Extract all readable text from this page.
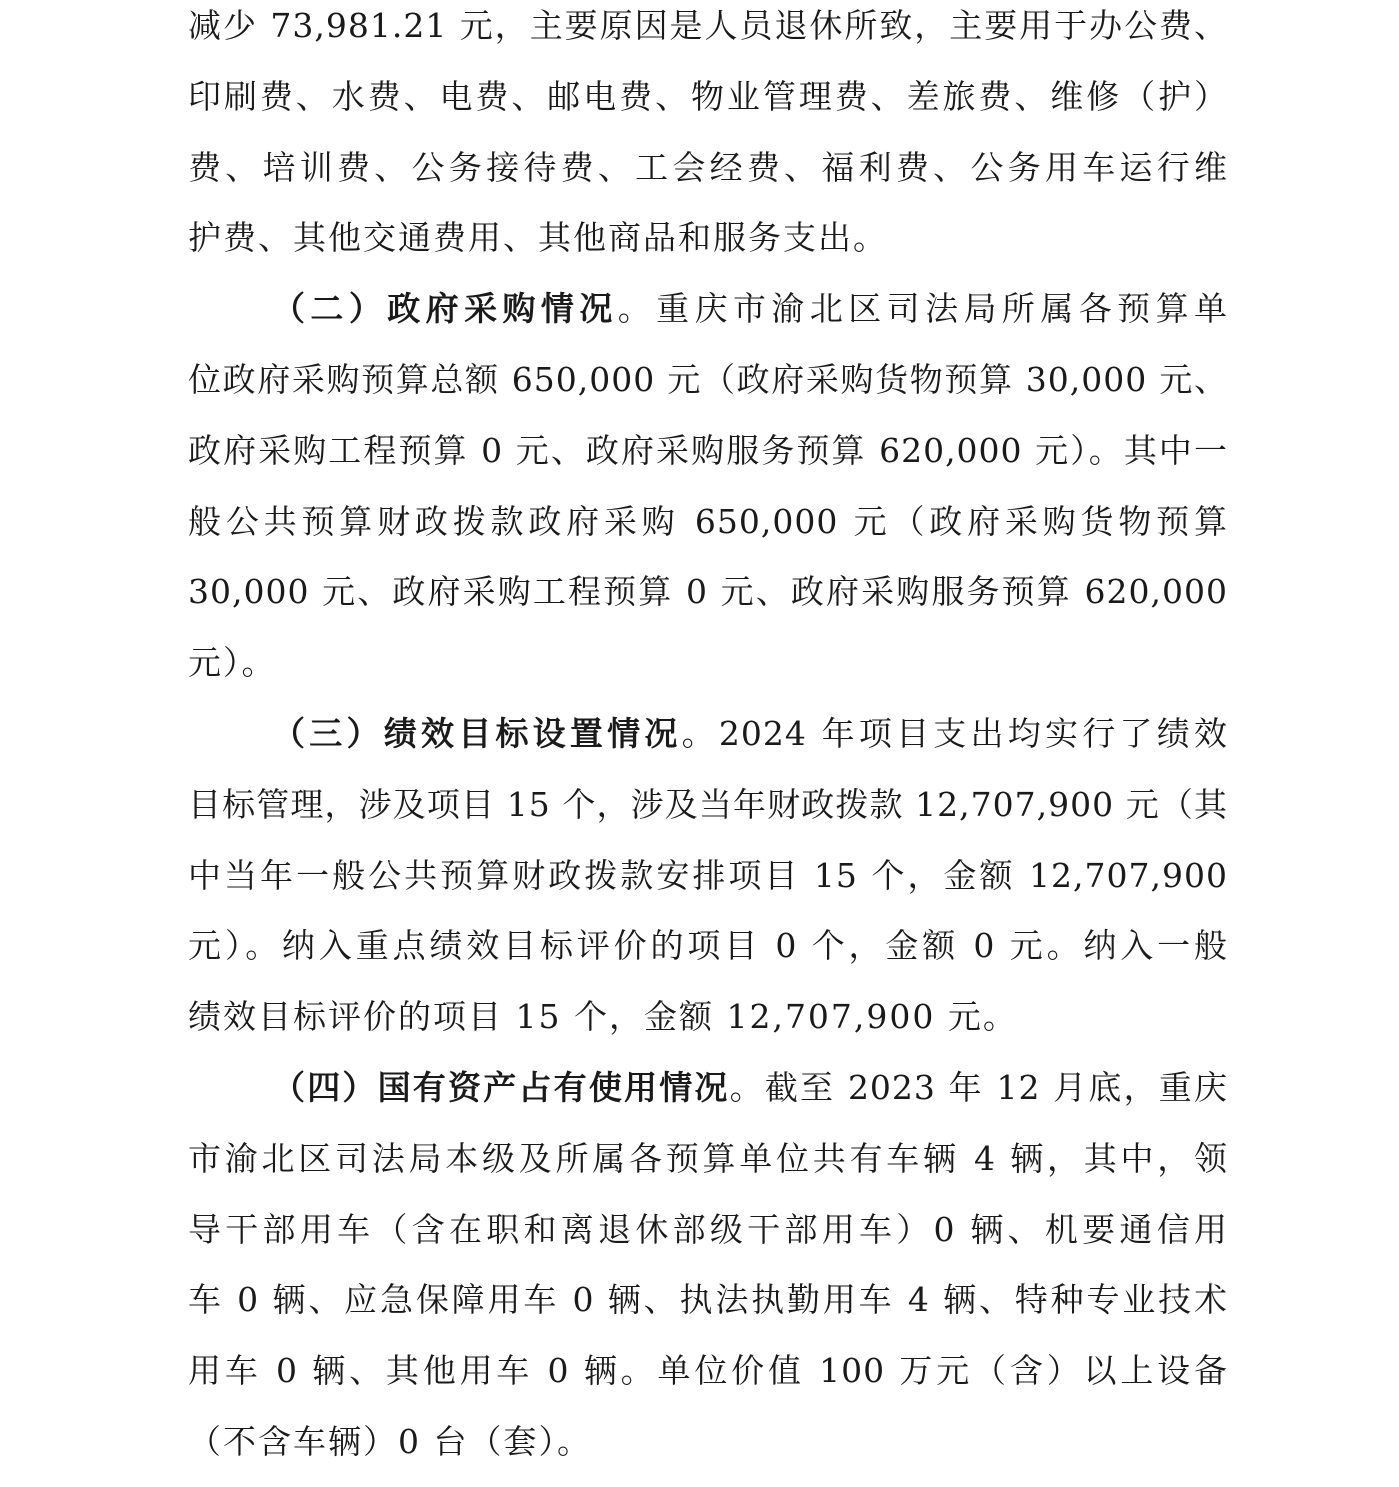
减少 73,981.21 元，主要原因是人员退休所致，主要用于办公费、
印刷费、水费、电费、邮电费、物业管理费、差旅费、维修（护）
费、培训费、公务接待费、工会经费、福利费、公务用车运行维
护费、其他交通费用、其他商品和服务支出。
（二）政府采购情况。重庆市渝北区司法局所属各预算单
位政府采购预算总额 650,000 元（政府采购货物预算 30,000 元、
政府采购工程预算 0 元、政府采购服务预算 620,000 元）。其中一
般公共预算财政拨款政府采购 650,000 元（政府采购货物预算
30,000 元、政府采购工程预算 0 元、政府采购服务预算 620,000
元）。
（三）绩效目标设置情况。2024 年项目支出均实行了绩效
目标管理，涉及项目 15 个，涉及当年财政拨款 12,707,900 元（其
中当年一般公共预算财政拨款安排项目 15 个，金额 12,707,900
元）。纳入重点绩效目标评价的项目 0 个，金额 0 元。纳入一般
绩效目标评价的项目 15 个，金额 12,707,900 元。
（四）国有资产占有使用情况。截至 2023 年 12 月底，重庆
市渝北区司法局本级及所属各预算单位共有车辆 4 辆，其中，领
导干部用车（含在职和离退休部级干部用车）0 辆、机要通信用
车 0 辆、应急保障用车 0 辆、执法执勤用车 4 辆、特种专业技术
用车 0 辆、其他用车 0 辆。单位价值 100 万元（含）以上设备
（不含车辆）0 台（套）。
